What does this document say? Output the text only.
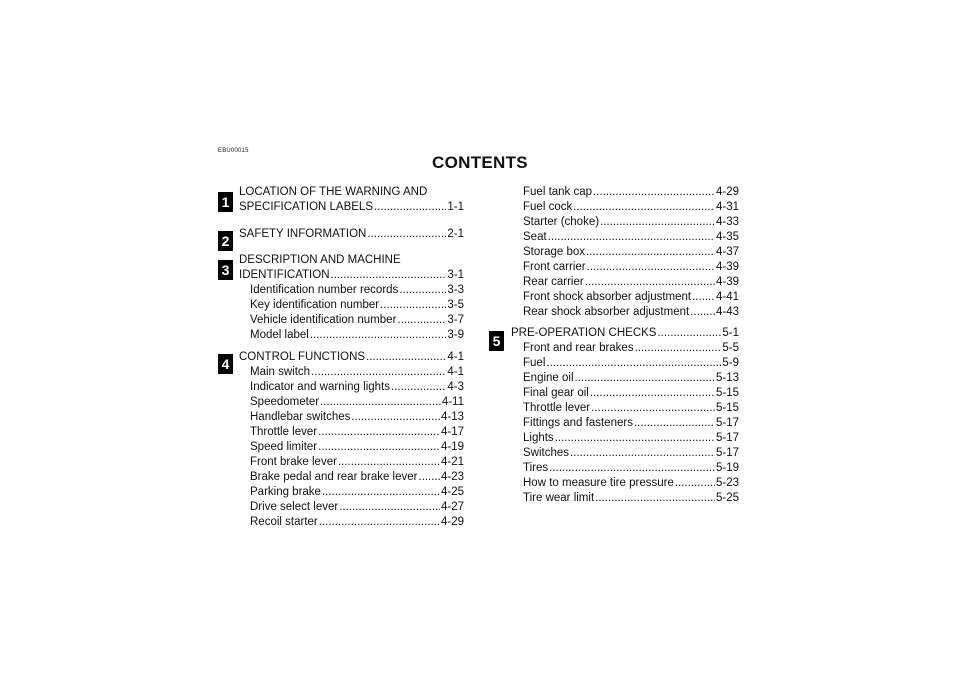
EBU00015
CONTENTS
1
2
3
4
5
LOCATION OF THE WARNING AND
SPECIFICATION LABELS .....	1-1
SAFETY INFORMATION .....	2-1
DESCRIPTION AND MACHINE
IDENTIFICATION .....	3-1
Identification number records .....	3-3
Key identification number .....	3-5
Vehicle identification number .....	3-7
Model label .....	3-9
CONTROL FUNCTIONS .....	4-1
Main switch .....	4-1
Indicator and warning lights .....	4-3
Speedometer .....	4-11
Handlebar switches .....	4-13
Throttle lever .....	4-17
Speed limiter .....	4-19
Front brake lever .....	4-21
Brake pedal and rear brake lever ..... 4-23
Parking brake .....	4-25
Drive select lever .....	4-27
Recoil starter .....	4-29
Fuel tank cap .....	4-29
Fuel cock .....	4-31
Starter (choke) .....	4-33
Seat .....	4-35
Storage box .....	4-37
Front carrier .....	4-39
Rear carrier .....	4-39
Front shock absorber adjustment ..... 4-41
Rear shock absorber adjustment ..... 4-43
PRE-OPERATION CHECKS .....	5-1
Front and rear brakes .....	5-5
Fuel .....	5-9
Engine oil .....	5-13
Final gear oil .....	5-15
Throttle lever .....	5-15
Fittings and fasteners .....	5-17
Lights .....	5-17
Switches .....	5-17
Tires .....	5-19
How to measure tire pressure .....	5-23
Tire wear limit .....	5-25
